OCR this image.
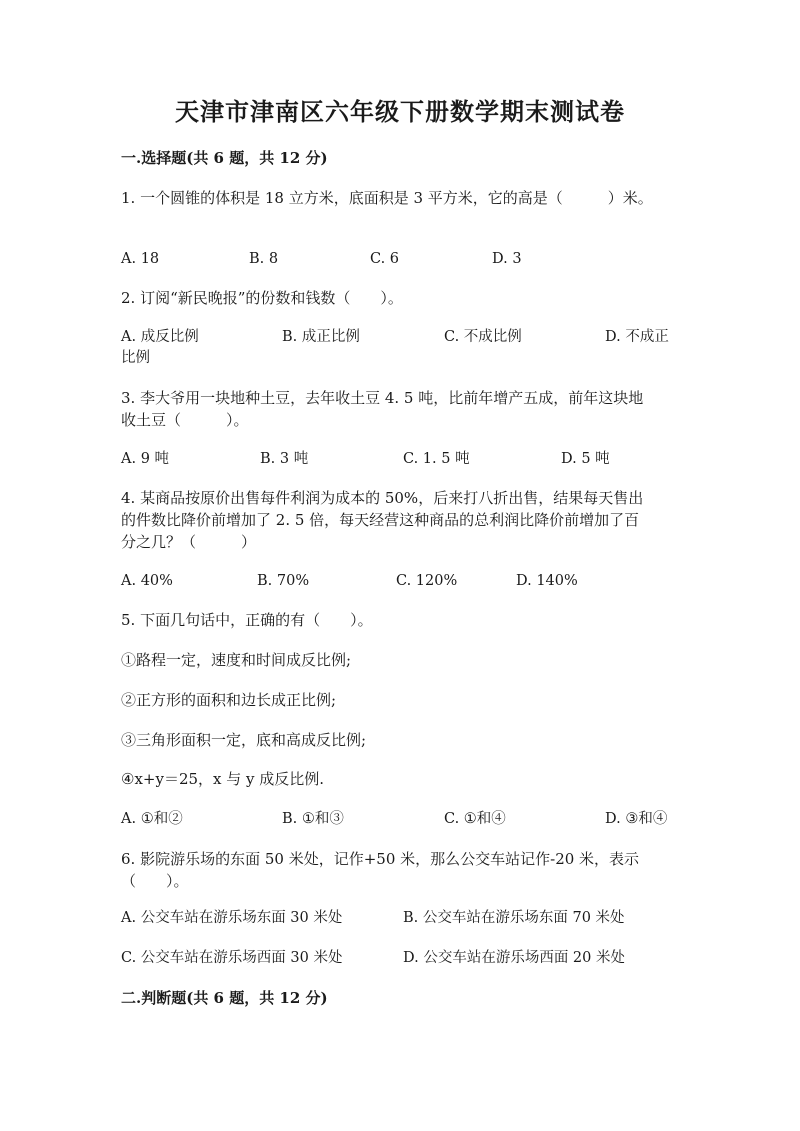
天津市津南区六年级下册数学期末测试卷
一.选择题(共 6 题，共 12 分)
1. 一个圆锥的体积是 18 立方米，底面积是 3 平方米，它的高是（　　　）米。
A. 18	B. 8	C. 6	D. 3
2. 订阅“新民晚报”的份数和钱数（　　）。
A. 成反比例	B. 成正比例	C. 不成比例	D. 不成正
比例
3. 李大爷用一块地种土豆，去年收土豆 4. 5 吨，比前年增产五成，前年这块地
收土豆（　　　）。
A. 9 吨	B. 3 吨	C. 1. 5 吨	D. 5 吨
4. 某商品按原价出售每件利润为成本的 50%，后来打八折出售，结果每天售出
的件数比降价前增加了 2. 5 倍，每天经营这种商品的总利润比降价前增加了百
分之几？（　　　）
A. 40%	B. 70%	C. 120%	D. 140%
5. 下面几句话中，正确的有（　　）。
①路程一定，速度和时间成反比例;
②正方形的面积和边长成正比例;
③三角形面积一定，底和高成反比例;
④x+y＝25，x 与 y 成反比例.
A. ①和②	B. ①和③	C. ①和④	D. ③和④
6. 影院游乐场的东面 50 米处，记作+50 米，那么公交车站记作-20 米，表示
（　　）。
A. 公交车站在游乐场东面 30 米处	B. 公交车站在游乐场东面 70 米处
C. 公交车站在游乐场西面 30 米处	D. 公交车站在游乐场西面 20 米处
二.判断题(共 6 题，共 12 分)
